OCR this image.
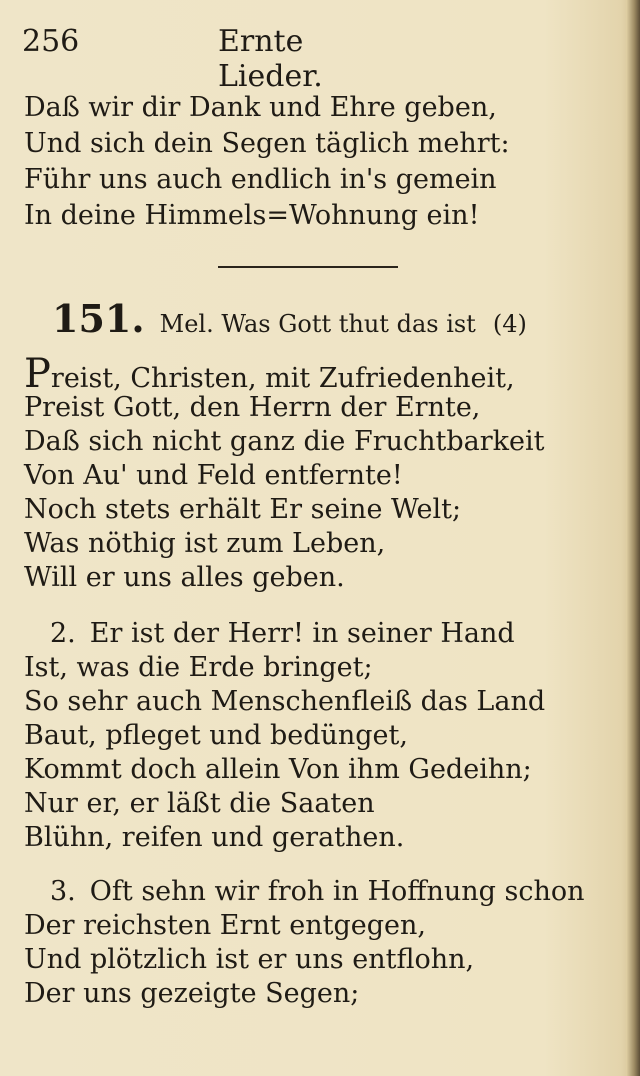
256	Ernte Lieder.
Daß wir dir Dank und Ehre geben,
Und sich dein Segen täglich mehrt:
Führ uns auch endlich in's gemein
In deine Himmels=Wohnung ein!
151. Mel. Was Gott thut das ist (4)
Preist, Christen, mit Zufriedenheit,
Preist Gott, den Herrn der Ernte,
Daß sich nicht ganz die Fruchtbarkeit
Von Au' und Feld entfernte!
Noch stets erhält Er seine Welt;
Was nöthig ist zum Leben,
Will er uns alles geben.
2. Er ist der Herr! in seiner Hand
Ist, was die Erde bringet;
So sehr auch Menschenfleiß das Land
Baut, pfleget und bedünget,
Kommt doch allein Von ihm Gedeihn;
Nur er, er läßt die Saaten
Blühn, reifen und gerathen.
3. Oft sehn wir froh in Hoffnung schon
Der reichsten Ernt entgegen,
Und plötzlich ist er uns entflohn,
Der uns gezeigte Segen;
